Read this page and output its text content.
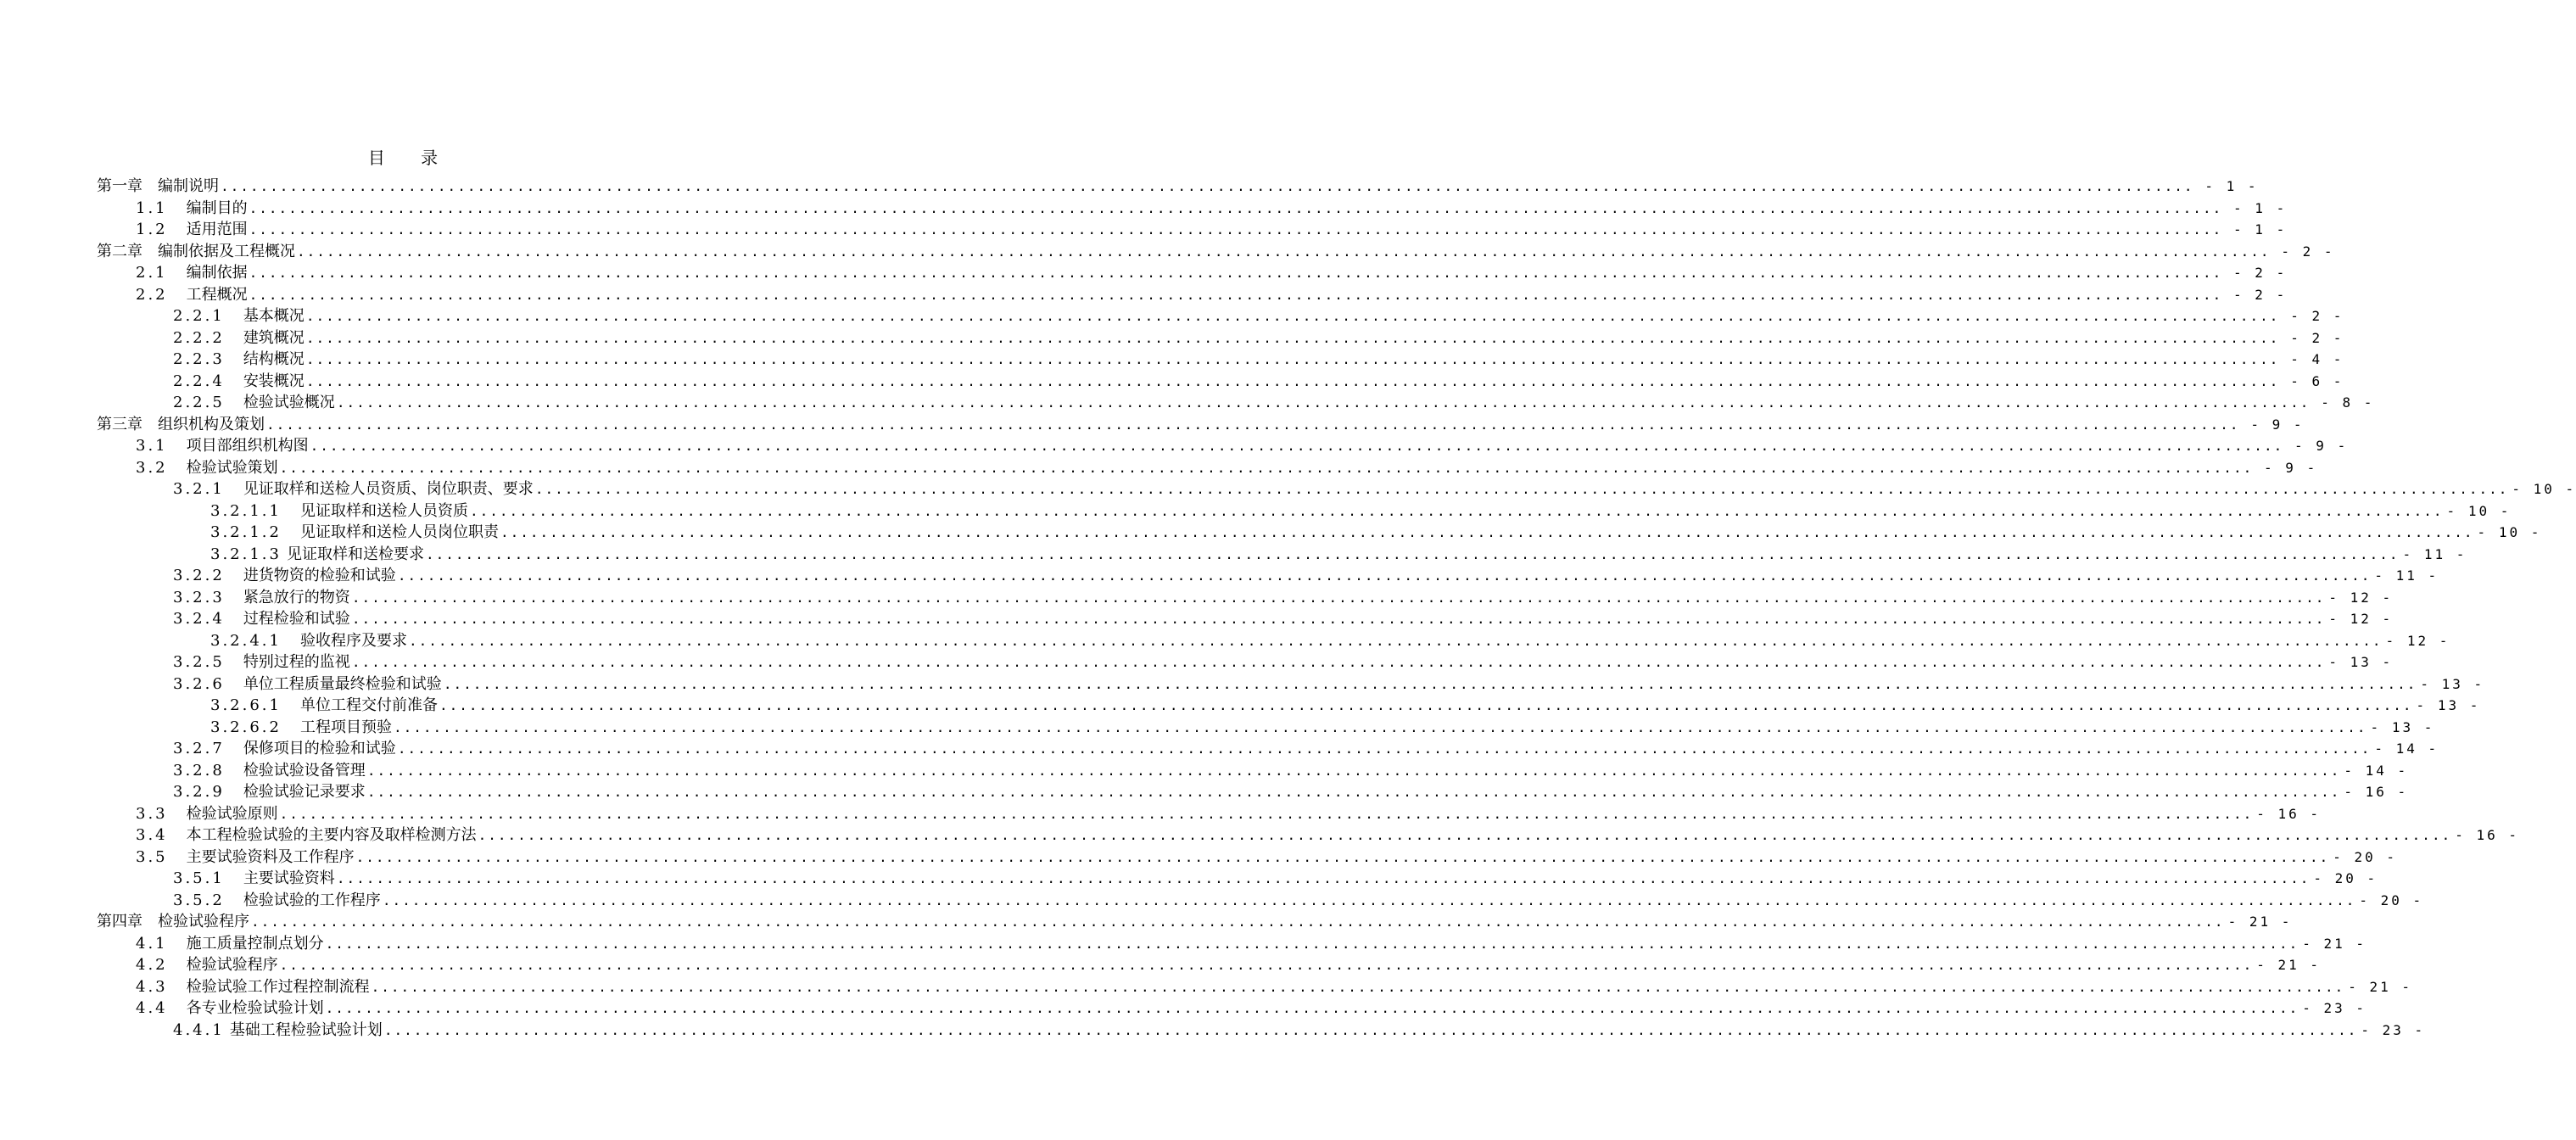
目 录
第一章 编制说明 ........................................................................................................................................................................................................ - 1 -
1.1 编制目的 ........................................................................................................................................................................................................ - 1 -
1.2 适用范围 ........................................................................................................................................................................................................ - 1 -
第二章 编制依据及工程概况 ........................................................................................................................................................................................................ - 2 -
2.1 编制依据 ........................................................................................................................................................................................................ - 2 -
2.2 工程概况 ........................................................................................................................................................................................................ - 2 -
2.2.1 基本概况 ........................................................................................................................................................................................................ - 2 -
2.2.2 建筑概况 ........................................................................................................................................................................................................ - 2 -
2.2.3 结构概况 ........................................................................................................................................................................................................ - 4 -
2.2.4 安装概况 ........................................................................................................................................................................................................ - 6 -
2.2.5 检验试验概况 ........................................................................................................................................................................................................ - 8 -
第三章 组织机构及策划 ........................................................................................................................................................................................................ - 9 -
3.1 项目部组织机构图 ........................................................................................................................................................................................................ - 9 -
3.2 检验试验策划 ........................................................................................................................................................................................................ - 9 -
3.2.1 见证取样和送检人员资质、岗位职责、要求 ........................................................................................................................................................................................................ - 10 -
3.2.1.1 见证取样和送检人员资质 ........................................................................................................................................................................................................ - 10 -
3.2.1.2 见证取样和送检人员岗位职责 ........................................................................................................................................................................................................ - 10 -
3.2.1.3 见证取样和送检要求 ........................................................................................................................................................................................................ - 11 -
3.2.2 进货物资的检验和试验 ........................................................................................................................................................................................................ - 11 -
3.2.3 紧急放行的物资 ........................................................................................................................................................................................................ - 12 -
3.2.4 过程检验和试验 ........................................................................................................................................................................................................ - 12 -
3.2.4.1 验收程序及要求 ........................................................................................................................................................................................................ - 12 -
3.2.5 特别过程的监视 ........................................................................................................................................................................................................ - 13 -
3.2.6 单位工程质量最终检验和试验 ........................................................................................................................................................................................................ - 13 -
3.2.6.1 单位工程交付前准备 ........................................................................................................................................................................................................ - 13 -
3.2.6.2 工程项目预验 ........................................................................................................................................................................................................ - 13 -
3.2.7 保修项目的检验和试验 ........................................................................................................................................................................................................ - 14 -
3.2.8 检验试验设备管理 ........................................................................................................................................................................................................ - 14 -
3.2.9 检验试验记录要求 ........................................................................................................................................................................................................ - 16 -
3.3 检验试验原则 ........................................................................................................................................................................................................ - 16 -
3.4 本工程检验试验的主要内容及取样检测方法 ........................................................................................................................................................................................................ - 16 -
3.5 主要试验资料及工作程序 ........................................................................................................................................................................................................ - 20 -
3.5.1 主要试验资料 ........................................................................................................................................................................................................ - 20 -
3.5.2 检验试验的工作程序 ........................................................................................................................................................................................................ - 20 -
第四章 检验试验程序 ........................................................................................................................................................................................................ - 21 -
4.1 施工质量控制点划分 ........................................................................................................................................................................................................ - 21 -
4.2 检验试验程序 ........................................................................................................................................................................................................ - 21 -
4.3 检验试验工作过程控制流程 ........................................................................................................................................................................................................ - 21 -
4.4 各专业检验试验计划 ........................................................................................................................................................................................................ - 23 -
4.4.1 基础工程检验试验计划 ........................................................................................................................................................................................................ - 23 -
